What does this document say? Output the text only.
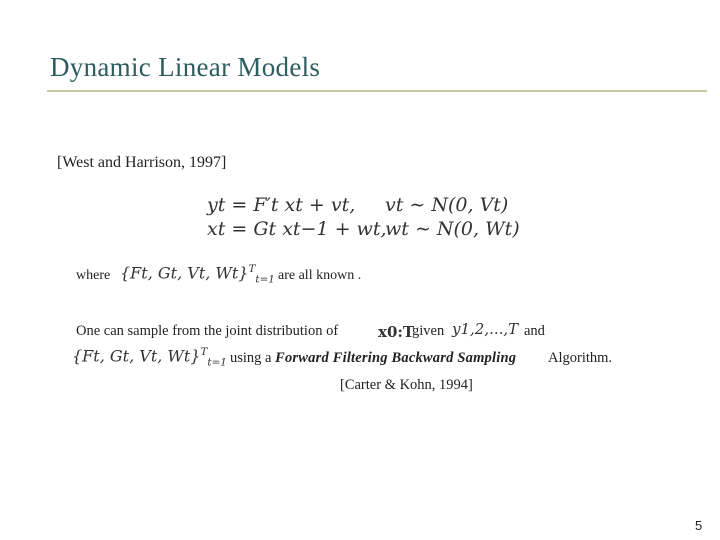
Dynamic Linear Models
[West and Harrison, 1997]
yt = F′t xt + vt, vt ∼ N(0, Vt)
xt = Gt xt−1 + wt,
wt ∼ N(0, Wt)
where {Ft, Gt, Vt, Wt}$^T_{t=1}$ are all known .
One can sample from the joint distribution of	x0:T
given y1,2,...,T and
{Ft, Gt, Vt, Wt}$^T_{t=1}$ using a Forward Filtering Backward Sampling Algorithm.
[Carter & Kohn, 1994]
5
